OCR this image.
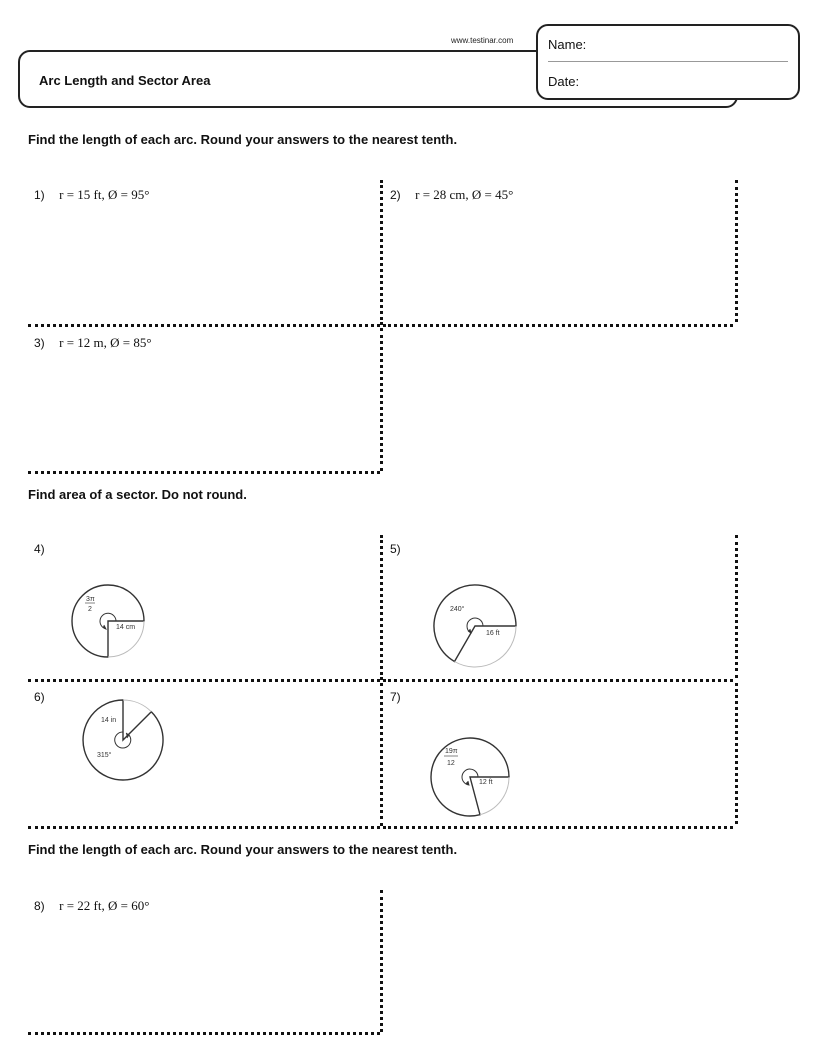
Arc Length and Sector Area
www.testinar.com	Name:
Date:
Find the length of each arc. Round your answers to the nearest tenth.
1) r = 15 ft, Ø = 95°	2) r = 28 cm, Ø = 45°
3) r = 12 m, Ø = 85°
Find area of a sector. Do not round.
4)	5)
3π
2
14 cm
240°
16 ft
6)	7)
14 in
315°
19π
12
12 ft
Find the length of each arc. Round your answers to the nearest tenth.
8) r = 22 ft, Ø = 60°
